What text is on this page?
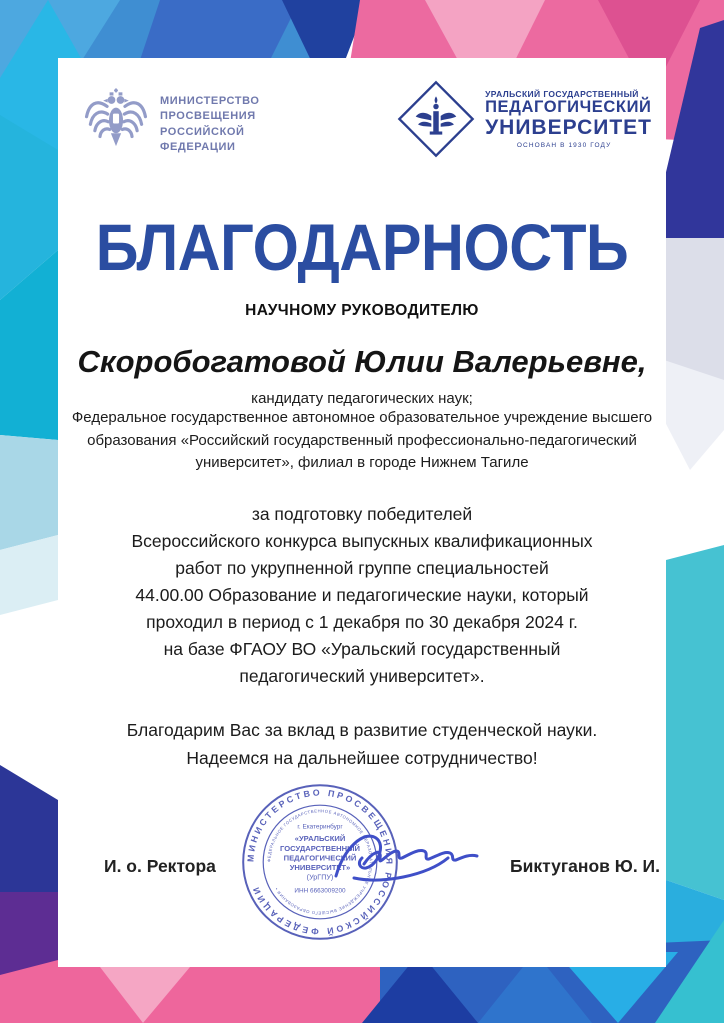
МИНИСТЕРСТВО
ПРОСВЕЩЕНИЯ
РОССИЙСКОЙ
ФЕДЕРАЦИИ
УРАЛЬСКИЙ ГОСУДАРСТВЕННЫЙ
ПЕДАГОГИЧЕСКИЙ
УНИВЕРСИТЕТ
ОСНОВАН В 1930 ГОДУ
БЛАГОДАРНОСТЬ
НАУЧНОМУ РУКОВОДИТЕЛЮ
Скоробогатовой Юлии Валерьевне,
кандидату педагогических наук;
Федеральное государственное автономное образовательное учреждение высшего
образования «Российский государственный профессионально-педагогический
университет», филиал в городе Нижнем Тагиле
за подготовку победителей
Всероссийского конкурса выпускных квалификационных
работ по укрупненной группе специальностей
44.00.00 Образование и педагогические науки, который
проходил в период с 1 декабря по 30 декабря 2024 г.
на базе ФГАОУ ВО «Уральский государственный
педагогический университет».
Благодарим Вас за вклад в развитие студенческой науки.
Надеемся на дальнейшее сотрудничество!
И. о. Ректора	МИНИСТЕРСТВО ПРОСВЕЩЕНИЯ РОССИЙСКОЙ ФЕДЕРАЦИИ
ФЕДЕРАЛЬНОЕ ГОСУДАРСТВЕННОЕ АВТОНОМНОЕ ОБРАЗОВАТЕЛЬНОЕ УЧРЕЖДЕНИЕ ВЫСШЕГО ОБРАЗОВАНИЯ •
г. Екатеринбург
«УРАЛЬСКИЙ
ГОСУДАРСТВЕННЫЙ
ПЕДАГОГИЧЕСКИЙ
УНИВЕРСИТЕТ»
(УрГПУ)
ИНН 6663009200
Биктуганов Ю. И.
